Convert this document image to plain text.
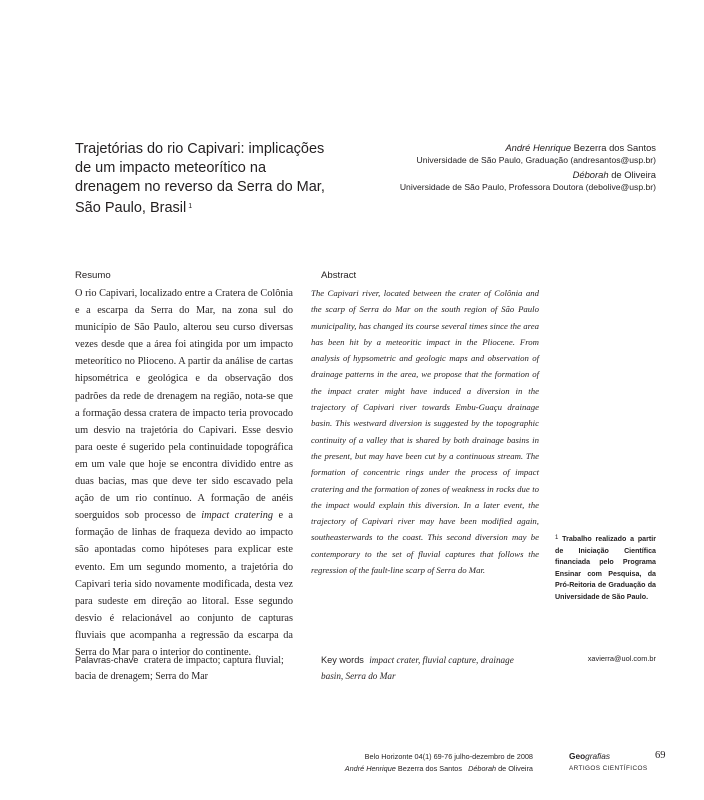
Trajetórias do rio Capivari: implicações de um impacto meteorítico na drenagem no reverso da Serra do Mar, São Paulo, Brasil $^1$
André Henrique Bezerra dos Santos
Universidade de São Paulo, Graduação (andresantos@usp.br)
Déborah de Oliveira
Universidade de São Paulo, Professora Doutora (debolive@usp.br)
Resumo	Abstract

O rio Capivari, localizado entre a Cratera de Colônia e a escarpa da Serra do Mar, na zona sul do município de São Paulo, alterou seu curso diversas vezes desde que a área foi atingida por um impacto meteorítico no Plioceno. A partir da análise de cartas hipsométrica e geológica e da observação dos padrões da rede de drenagem na região, nota-se que a formação dessa cratera de impacto teria provocado um desvio na trajetória do Capivari. Esse desvio para oeste é sugerido pela continuidade topográfica em um vale que hoje se encontra dividido entre as duas bacias, mas que deve ter sido escavado pela ação de um rio contínuo. A formação de anéis soerguidos sob processo de impact cratering e a formação de linhas de fraqueza devido ao impacto são apontadas como hipóteses para explicar este evento. Em um segundo momento, a trajetória do Capivari teria sido novamente modificada, desta vez para sudeste em direção ao litoral. Esse segundo desvio é relacionável ao conjunto de capturas fluviais que acompanha a regressão da escarpa da Serra do Mar para o interior do continente.

The Capivari river, located between the crater of Colônia and the scarp of Serra do Mar on the south region of São Paulo municipality, has changed its course several times since the area has been hit by a meteoritic impact in the Pliocene. From analysis of hypsometric and geologic maps and observation of drainage patterns in the area, we propose that the formation of the impact crater might have induced a diversion in the trajectory of Capivari river towards Embu-Guaçu drainage basin. This westward diversion is suggested by the topographic continuity of a valley that is shared by both drainage basins in the present, but may have been cut by a continuous stream. The formation of concentric rings under the process of impact cratering and the formation of zones of weakness in rocks due to the impact would explain this diversion. In a later event, the trajectory of Capivari river may have been modified again, southeasterwards to the coast. This second diversion may be contemporary to the set of fluvial captures that follows the regression of the fault-line scarp of Serra do Mar.

$^1$ Trabalho realizado a partir de Iniciação Científica financiada pelo Programa Ensinar com Pesquisa, da Pró-Reitoria de Graduação da Universidade de São Paulo.

Palavras-chave cratera de impacto; captura fluvial; bacia de drenagem; Serra do Mar

Key words impact crater, fluvial capture, drainage basin, Serra do Mar

xavierra@uol.com.br
Belo Horizonte 04(1) 69-76 julho-dezembro de 2008
André Henrique Bezerra dos Santos Déborah de Oliveira
Geografias
ARTIGOS CIENTÍFICOS
69
